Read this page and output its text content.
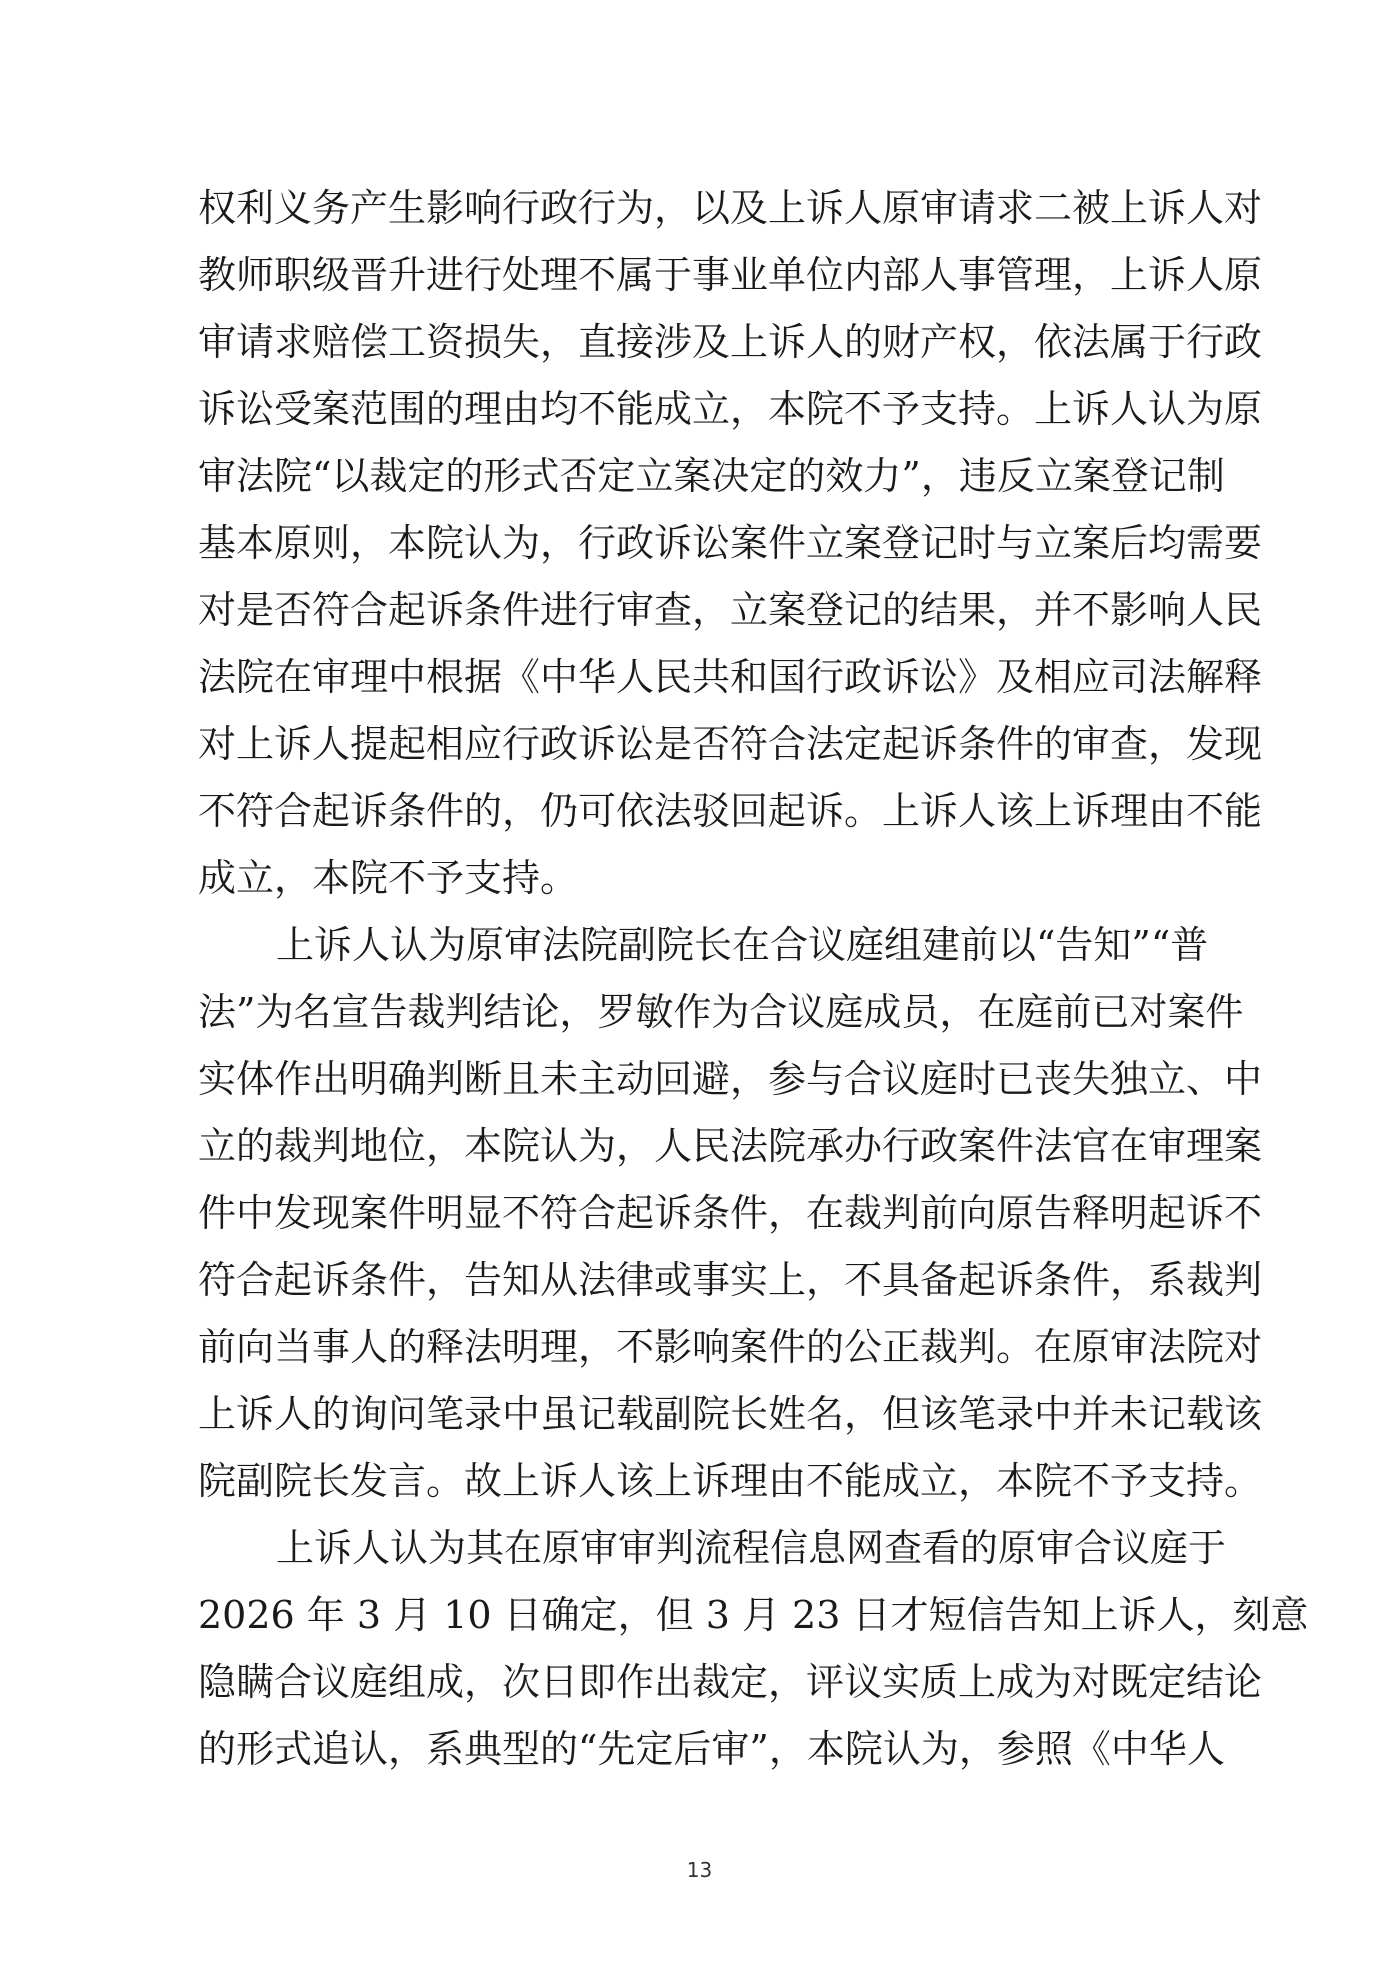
权利义务产生影响行政行为，以及上诉人原审请求二被上诉人对
教师职级晋升进行处理不属于事业单位内部人事管理，上诉人原
审请求赔偿工资损失，直接涉及上诉人的财产权，依法属于行政
诉讼受案范围的理由均不能成立，本院不予支持。上诉人认为原
审法院“以裁定的形式否定立案决定的效力”，违反立案登记制
基本原则，本院认为，行政诉讼案件立案登记时与立案后均需要
对是否符合起诉条件进行审查，立案登记的结果，并不影响人民
法院在审理中根据《中华人民共和国行政诉讼》及相应司法解释
对上诉人提起相应行政诉讼是否符合法定起诉条件的审查，发现
不符合起诉条件的，仍可依法驳回起诉。上诉人该上诉理由不能
成立，本院不予支持。
上诉人认为原审法院副院长在合议庭组建前以“告知”“普
法”为名宣告裁判结论，罗敏作为合议庭成员，在庭前已对案件
实体作出明确判断且未主动回避，参与合议庭时已丧失独立、中
立的裁判地位，本院认为，人民法院承办行政案件法官在审理案
件中发现案件明显不符合起诉条件，在裁判前向原告释明起诉不
符合起诉条件，告知从法律或事实上，不具备起诉条件，系裁判
前向当事人的释法明理，不影响案件的公正裁判。在原审法院对
上诉人的询问笔录中虽记载副院长姓名，但该笔录中并未记载该
院副院长发言。故上诉人该上诉理由不能成立，本院不予支持。
上诉人认为其在原审审判流程信息网查看的原审合议庭于
2026 年 3 月 10 日确定，但 3 月 23 日才短信告知上诉人，刻意
隐瞒合议庭组成，次日即作出裁定，评议实质上成为对既定结论
的形式追认，系典型的“先定后审”，本院认为，参照《中华人
13
